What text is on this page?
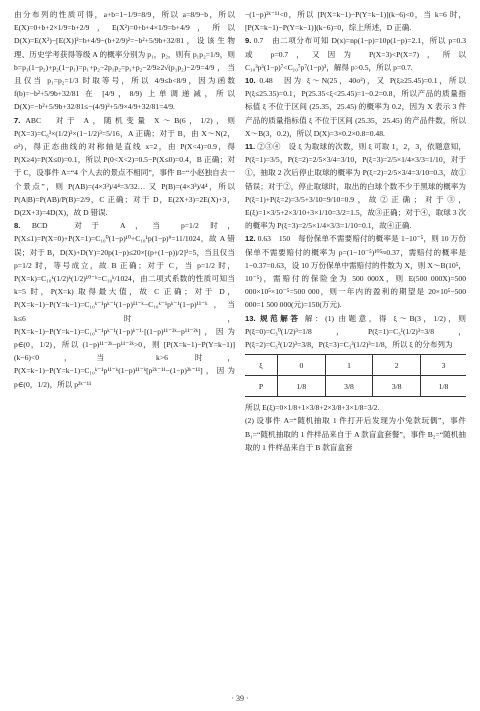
由分布列的性质可得，a+b=1−1/9=8/9，所以 a=8/9−b，所以 E(X)=0+b+2×1/9=b+2/9，E(X²)=0+b+4×1/9=b+4/9，所以 D(X)=E(X²)−[E(X)]²=b+4/9−(b+2/9)²=−b²+5/9b+32/81，设该生物理、历史学考获得等级 A 的概率分别为 p₁，p₂，则有 p₁p₂=1/9，则 b=p₁(1−p₂)+p₂(1−p₁)=p₁+p₂−2p₁p₂=p₁+p₂−2/9≥2√(p₁p₂)−2/9=4/9，当且仅当 p₁=p₂=1/3 时取等号，所以 4/9≤b<8/9，因为函数 f(b)=−b²+5/9b+32/81 在 [4/9，8/9) 上单调递减，所以 D(X)=−b²+5/9b+32/81≤−(4/9)²+5/9×4/9+32/81=4/9.

7. ABC　对于 A，随机变量 X～B(6，1/2)，则 P(X=3)=C₆³×(1/2)³×(1−1/2)³=5/16，A 正确；对于 B，由 X～N(2，σ²)，得正态曲线的对称轴是直线 x=2，由 P(X<4)=0.9，得 P(X≥4)=P(X≤0)=0.1，所以 P(0<X<2)=0.5−P(X≤0)=0.4，B 正确；对于 C，设事件 A=“4 个人去的景点不相同”，事件 B=“小赵独自去一个景点”，则 P(AB)=(4×3³)/4⁴=3/32… 又 P(B)=(4×3³)/4⁴，所以 P(A|B)=P(AB)/P(B)=2/9，C 正确；对于 D，E(2X+3)=2E(X)+3，D(2X+3)=4D(X)，故 D 错误.

8. BCD　对于 A，当 p=1/2 时，P(X≤1)=P(X=0)+P(X=1)=C₁₀⁰(1−p)¹⁰+C₁₀¹p(1−p)⁹=11/1024，故 A 错误；对于 B，D(X)+D(Y)=20p(1−p)≤20×[(p+(1−p))/2]²=5，当且仅当 p=1/2 时，等号成立，故 B 正确；对于 C，当 p=1/2 时，P(X=k)=C₁₀ᵏ(1/2)ᵏ(1/2)¹⁰⁻ᵏ=C₁₀ᵏ/1024，由二项式系数的性质可知当 k=5 时，P(X=k) 取得最大值，故 C 正确；对于 D，P(X=k−1)−P(Y=k−1)=C₁₀ᵏ⁻¹pᵏ⁻¹(1−p)¹¹⁻ᵏ−C₁₀ᵏ⁻¹pᵏ⁻¹(1−p)¹¹⁻ᵏ，当 k≤6 时，P(X=k−1)−P(Y=k−1)=C₁₀ᵏ⁻¹pᵏ⁻¹(1−p)ᵏ⁻¹·[(1−p)¹¹⁻²ᵏ−p¹¹⁻²ᵏ]，因为 p∈(0，1/2)，所以 (1−p)¹¹⁻²ᵏ−p¹¹⁻²ᵏ>0，则 [P(X=k−1)−P(Y=k−1)](k−6)<0，当 k>6 时，P(X=k−1)−P(Y=k−1)=C₁₀ᵏ⁻¹p¹¹⁻ᵏ(1−p)¹¹⁻ᵏ[p²ᵏ⁻¹¹−(1−p)²ᵏ⁻¹¹]，因为 p∈(0，1/2)，所以 p²ᵏ⁻¹¹

−(1−p)²ᵏ⁻¹¹<0，所以 [P(X=k−1)−P(Y=k−1)](k−6)<0，当 k=6 时，[P(X=k−1)−P(Y=k−1)](k−6)=0，综上所述，D 正确.

9. 0.7　由二项分布可知 D(x)=np(1−p)=10p(1−p)=2.1，所以 p=0.3 或 p=0.7，又因为 P(X=3)<P(X=7)，所以 C₁₀³p³(1−p)⁷<C₁₀⁷p⁷(1−p)³，解得 p>0.5，所以 p=0.7.

10. 0.48　因为 ξ～N(25，40σ²)，又 P(ξ≥25.45)=0.1，所以 P(ξ≤25.35)=0.1，P(25.35<ξ<25.45)=1−0.2=0.8，所以产品的质量指标值 ξ 不位于区间 (25.35，25.45) 的概率为 0.2，因为 X 表示 3 件产品的质量指标值 ξ 不位于区间 (25.35，25.45) 的产品件数，所以 X～B(3，0.2)，所以 D(X)=3×0.2×0.8=0.48.

11. ②③④　设 ξ 为取球的次数，则 ξ 可取 1，2，3，依题意知，P(ξ=1)=3/5，P(ξ=2)=2/5×3/4=3/10，P(ξ=3)=2/5×1/4×3/3=1/10，对于①，抽取 2 次后停止取球的概率为 P(ξ=2)=2/5×3/4=3/10=0.3，故①错误；对于②，停止取球时，取出的白球个数不少于黑球的概率为 P(ξ=1)+P(ξ=2)=3/5+3/10=9/10=0.9，故②正确；对于③，E(ξ)=1×3/5+2×3/10+3×1/10=3/2=1.5，故③正确；对于④，取球 3 次的概率为 P(ξ=3)=2/5×1/4×3/3=1/10=0.1，故④正确.

12. 0.63　150　每份保单不需要赔付的概率是 1−10⁻⁵，则 10 万份保单不需要赔付的概率为 p=(1−10⁻⁵)¹⁰⁵≈0.37，需赔付的概率是 1−0.37=0.63，设 10 万份保单中需赔付的件数为 X，则 X～B(10⁵，10⁻⁵)，需赔付的保险金为 500 000X，则 E(500 000X)=500 000×10⁵×10⁻⁵=500 000，则一年内的盈利的期望是 20×10⁵−500 000=1 500 000(元)=150(万元).

13. 规范解答 解：(1) 由题意，得 ξ～B(3，1/2)，则 P(ξ=0)=C₃⁰(1/2)³=1/8，P(ξ=1)=C₃¹(1/2)³=3/8，P(ξ=2)=C₃²(1/2)³=3/8，P(ξ=3)=C₃³(1/2)³=1/8，所以 ξ 的分布列为

ξ	0	1	2	3
P	1/8	3/8	3/8	1/8

所以 E(ξ)=0×1/8+1×3/8+2×3/8+3×1/8=3/2.

(2) 设事件 A=“随机抽取 1 件打开后发现为小兔款玩偶”，事件 B₁=“随机抽取的 1 件样品来自于 A 款盲盒套餐”，事件 B₂=“随机抽取的 1 件样品来自于 B 款盲盒套

· 39 ·
